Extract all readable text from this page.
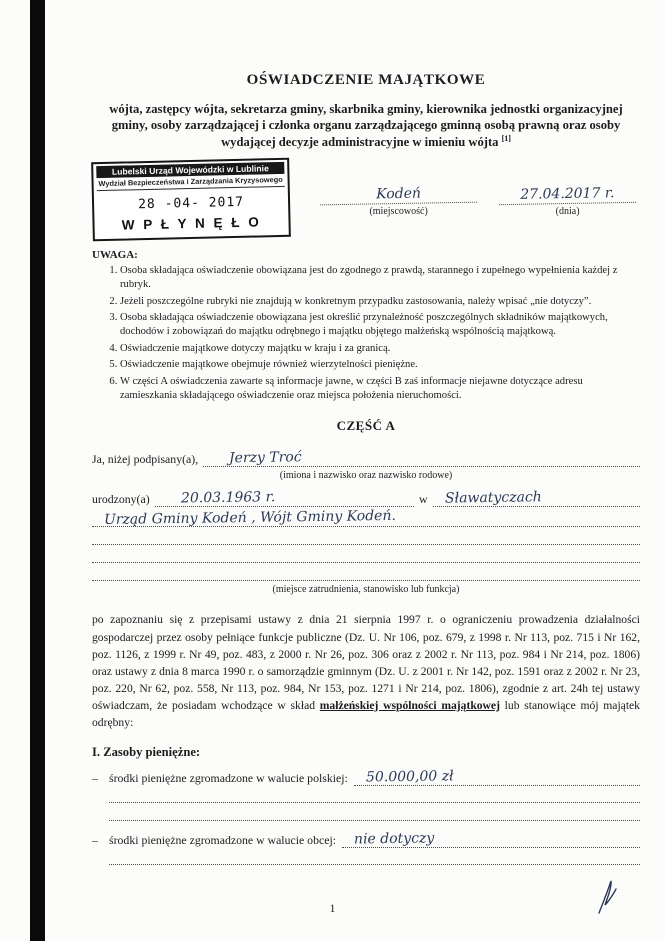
OŚWIADCZENIE MAJĄTKOWE

wójta, zastępcy wójta, sekretarza gminy, skarbnika gminy, kierownika jednostki organizacyjnej gminy, osoby zarządzającej i członka organu zarządzającego gminną osobą prawną oraz osoby wydającej decyzje administracyjne w imieniu wójta [1]

Lubelski Urząd Wojewódzki w Lublinie
Wydział Bezpieczeństwa i Zarządzania Kryzysowego
28 -04- 2017
W P Ł Y N Ę Ł O
Kodeń
(miejscowość)
27.04.2017 r.
(dnia)
UWAGA:
1. Osoba składająca oświadczenie obowiązana jest do zgodnego z prawdą, starannego i zupełnego wypełnienia każdej z rubryk.
2. Jeżeli poszczególne rubryki nie znajdują w konkretnym przypadku zastosowania, należy wpisać „nie dotyczy”.
3. Osoba składająca oświadczenie obowiązana jest określić przynależność poszczególnych składników majątkowych, dochodów i zobowiązań do majątku odrębnego i majątku objętego małżeńską wspólnością majątkową.
4. Oświadczenie majątkowe dotyczy majątku w kraju i za granicą.
5. Oświadczenie majątkowe obejmuje również wierzytelności pieniężne.
6. W części A oświadczenia zawarte są informacje jawne, w części B zaś informacje niejawne dotyczące adresu zamieszkania składającego oświadczenie oraz miejsca położenia nieruchomości.
CZĘŚĆ A
Ja, niżej podpisany(a),	Jerzy Troć
(imiona i nazwisko oraz nazwisko rodowe)
urodzony(a)	20.03.1963 r.	w	Sławatyczach
Urząd Gminy Kodeń , Wójt Gminy Kodeń.
(miejsce zatrudnienia, stanowisko lub funkcja)

po zapoznaniu się z przepisami ustawy z dnia 21 sierpnia 1997 r. o ograniczeniu prowadzenia działalności gospodarczej przez osoby pełniące funkcje publiczne (Dz. U. Nr 106, poz. 679, z 1998 r. Nr 113, poz. 715 i Nr 162, poz. 1126, z 1999 r. Nr 49, poz. 483, z 2000 r. Nr 26, poz. 306 oraz z 2002 r. Nr 113, poz. 984 i Nr 214, poz. 1806) oraz ustawy z dnia 8 marca 1990 r. o samorządzie gminnym (Dz. U. z 2001 r. Nr 142, poz. 1591 oraz z 2002 r. Nr 23, poz. 220, Nr 62, poz. 558, Nr 113, poz. 984, Nr 153, poz. 1271 i Nr 214, poz. 1806), zgodnie z art. 24h tej ustawy oświadczam, że posiadam wchodzące w skład małżeńskiej wspólności majątkowej lub stanowiące mój majątek odrębny:

I. Zasoby pieniężne:
– środki pieniężne zgromadzone w walucie polskiej:	50.000,00 zł
– środki pieniężne zgromadzone w walucie obcej:	nie dotyczy
1
